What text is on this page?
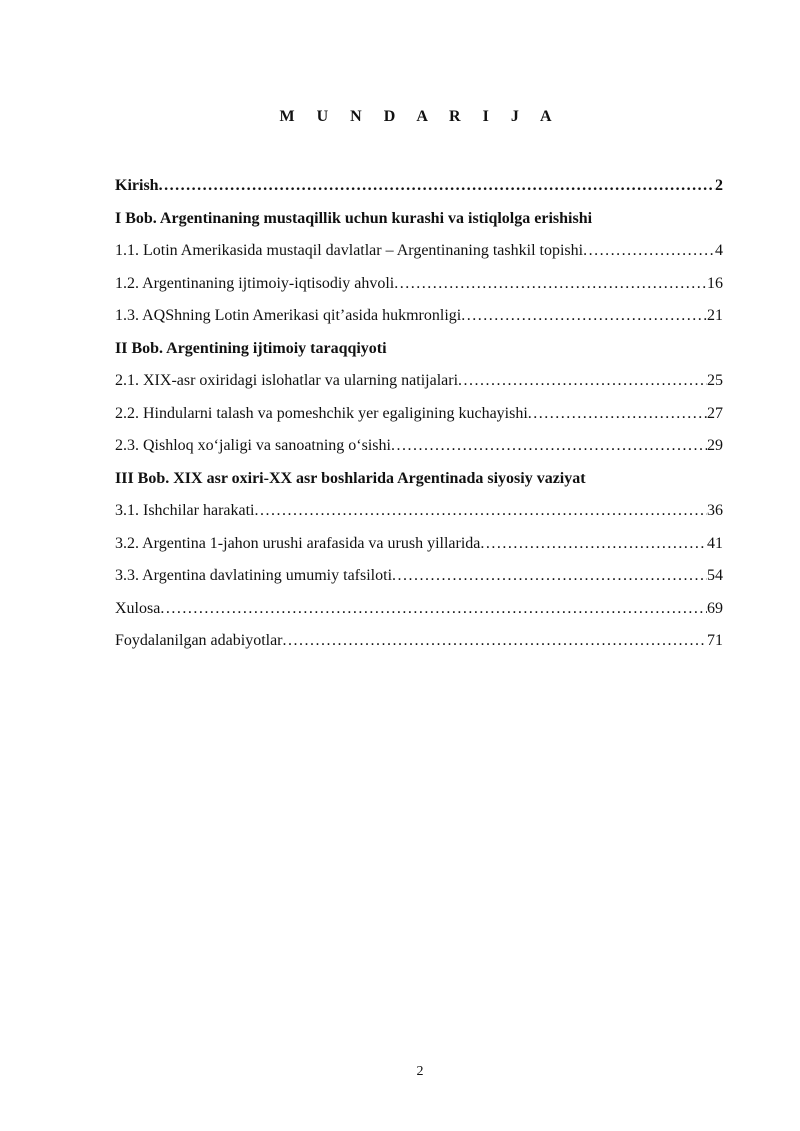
M U N D A R I J A
Kirish .....	2
I Bob. Argentinaning mustaqillik uchun kurashi va istiqlolga erishishi
1.1. Lotin Amerikasida mustaqil davlatlar – Argentinaning tashkil topishi .....	4
1.2. Argentinaning ijtimoiy-iqtisodiy ahvoli .....	16
1.3. AQShning Lotin Amerikasi qit’asida hukmronligi .....	21
II Bob. Argentining ijtimoiy taraqqiyoti
2.1. XIX-asr oxiridagi islohatlar va ularning natijalari .....	25
2.2. Hindularni talash va pomeshchik yer egaligining kuchayishi .....	27
2.3. Qishloq xo‘jaligi va sanoatning o‘sishi .....	29
III Bob. XIX asr oxiri-XX asr boshlarida Argentinada siyosiy vaziyat
3.1. Ishchilar harakati .....	36
3.2. Argentina 1-jahon urushi arafasida va urush yillarida .....	41
3.3. Argentina davlatining umumiy tafsiloti .....	54
Xulosa .....	69
Foydalanilgan adabiyotlar .....	71
2
